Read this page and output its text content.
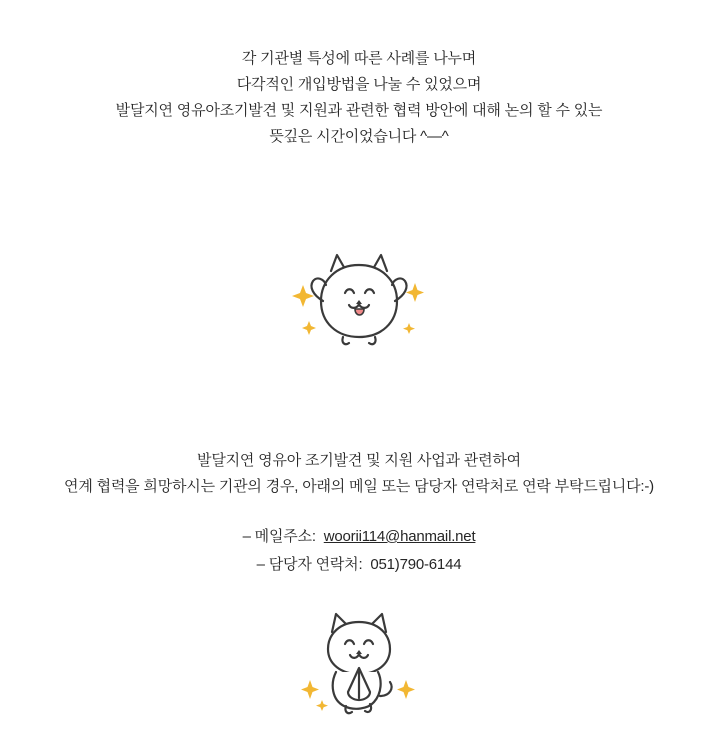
각 기관별 특성에 따른 사례를 나누며
다각적인 개입방법을 나눌 수 있었으며
발달지연 영유아조기발견 및 지원과 관련한 협력 방안에 대해 논의 할 수 있는
뜻깊은 시간이었습니다 ^—^
발달지연 영유아 조기발견 및 지원 사업과 관련하여
연계 협력을 희망하시는 기관의 경우, 아래의 메일 또는 담당자 연락처로 연락 부탁드립니다:-)
– 메일주소:  woorii114@hanmail.net
– 담당자 연락처:  051)790-6144
